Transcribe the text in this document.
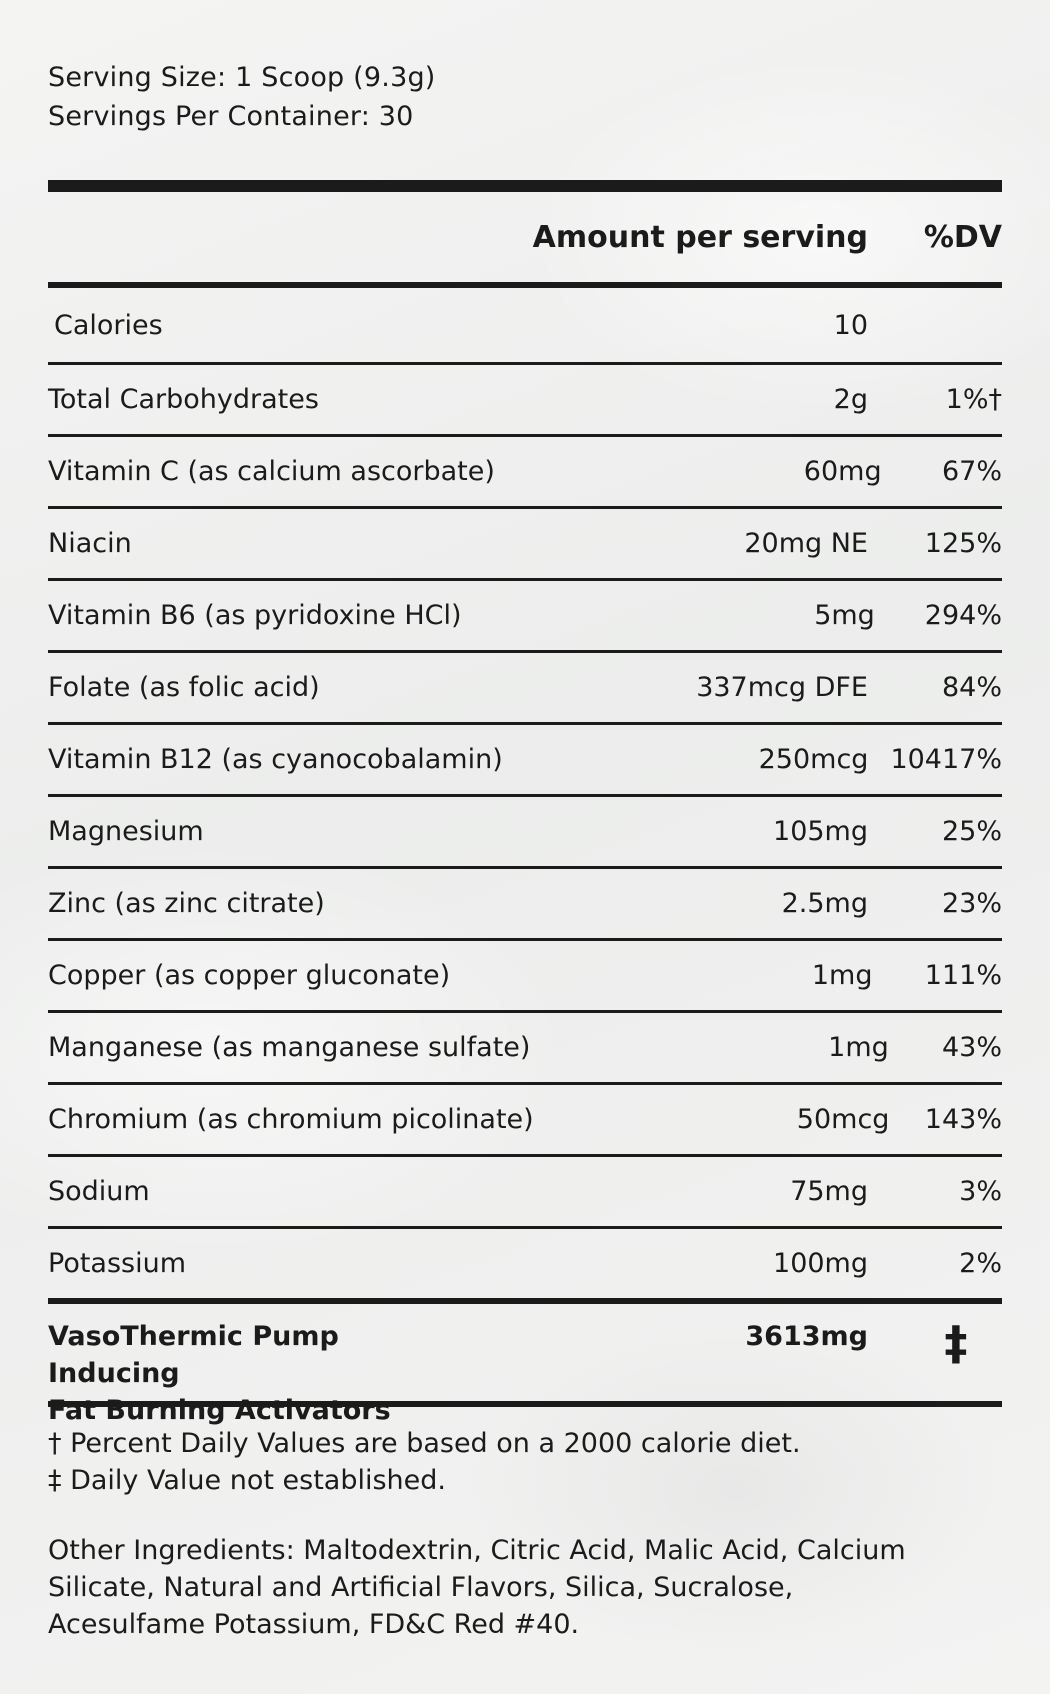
Serving Size: 1 Scoop (9.3g)
Servings Per Container: 30
Amount per serving	%DV
Calories	10
Total Carbohydrates	2g	1%†
Vitamin C (as calcium ascorbate)	60mg	67%
Niacin	20mg NE	125%
Vitamin B6 (as pyridoxine HCl)	5mg	294%
Folate (as folic acid)	337mcg DFE	84%
Vitamin B12 (as cyanocobalamin)	250mcg 10417%
Magnesium	105mg	25%
Zinc (as zinc citrate)	2.5mg	23%
Copper (as copper gluconate)	1mg	111%
Manganese (as manganese sulfate)	1mg	43%
Chromium (as chromium picolinate)	50mcg	143%
Sodium	75mg	3%
Potassium	100mg	2%
VasoThermic Pump Inducing
Fat Burning Activators
3613mg	‡
† Percent Daily Values are based on a 2000 calorie diet.
‡ Daily Value not established.
Other Ingredients: Maltodextrin, Citric Acid, Malic Acid, Calcium
Silicate, Natural and Artificial Flavors, Silica, Sucralose,
Acesulfame Potassium, FD&C Red #40.
